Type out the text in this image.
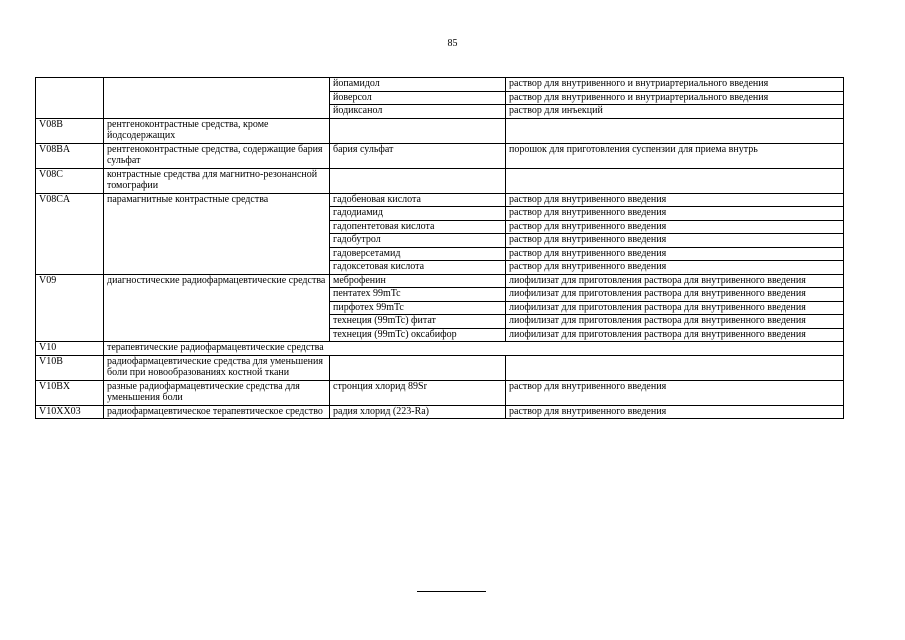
85
		йопамидол	раствор для внутривенного и внутриартериального введения
		йоверсол	раствор для внутривенного и внутриартериального введения
		йодиксанол	раствор для инъекций
V08B	рентгеноконтрастные средства, кроме йодсодержащих		
V08BA	рентгеноконтрастные средства, содержащие бария сульфат	бария сульфат	порошок для приготовления суспензии для приема внутрь
V08C	контрастные средства для магнитно-резонансной томографии		
V08CA	парамагнитные контрастные средства	гадобеновая кислота	раствор для внутривенного введения
		гадодиамид	раствор для внутривенного введения
		гадопентетовая кислота	раствор для внутривенного введения
		гадобутрол	раствор для внутривенного введения
		гадоверсетамид	раствор для внутривенного введения
		гадоксетовая кислота	раствор для внутривенного введения
V09	диагностические радиофармацевтические средства	меброфенин	лиофилизат для приготовления раствора для внутривенного введения
		пентатех 99mTc	лиофилизат для приготовления раствора для внутривенного введения
		пирфотех 99mTc	лиофилизат для приготовления раствора для внутривенного введения
		технеция (99mTc) фитат	лиофилизат для приготовления раствора для внутривенного введения
		технеция (99mTc) оксабифор	лиофилизат для приготовления раствора для внутривенного введения
V10	терапевтические радиофармацевтические средства		
V10B	радиофармацевтические средства для уменьшения боли при новообразованиях костной ткани		
V10BX	разные радиофармацевтические средства для уменьшения боли	стронция хлорид 89Sr	раствор для внутривенного введения
V10XX03	радиофармацевтическое терапевтическое средство	радия хлорид (223-Ra)	раствор для внутривенного введения
